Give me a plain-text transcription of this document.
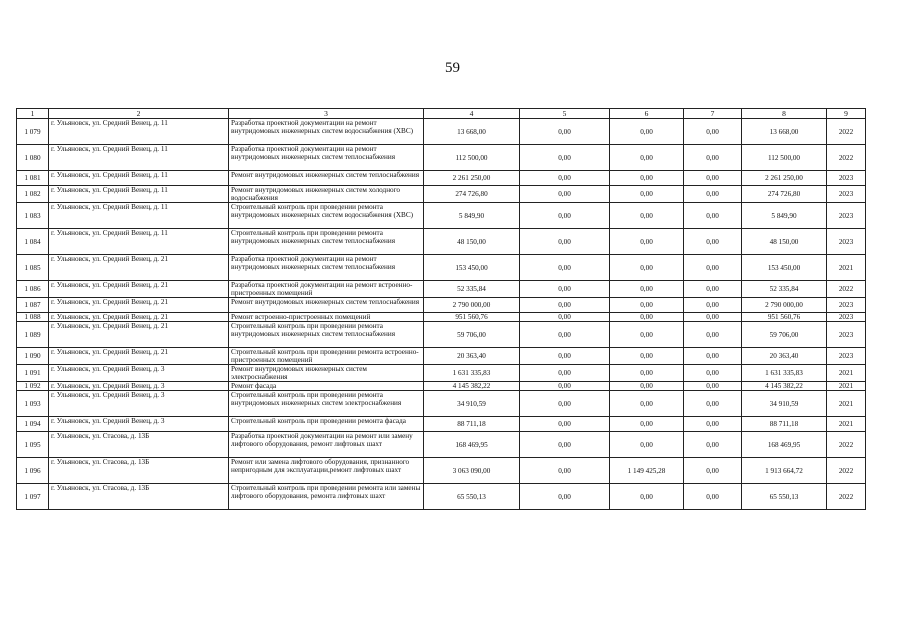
59
1	2	3	4	5	6	7	8	9
1 079	г. Ульяновск, ул. Средний Венец, д. 11	Разработка проектной документации на ремонт внутридомовых инженерных систем водоснабжения (ХВС)	13 668,00	0,00	0,00	0,00	13 668,00	2022
1 080	г. Ульяновск, ул. Средний Венец, д. 11	Разработка проектной документации на ремонт внутридомовых инженерных систем теплоснабжения	112 500,00	0,00	0,00	0,00	112 500,00	2022
1 081	г. Ульяновск, ул. Средний Венец, д. 11	Ремонт внутридомовых инженерных систем теплоснабжения	2 261 250,00	0,00	0,00	0,00	2 261 250,00	2023
1 082	г. Ульяновск, ул. Средний Венец, д. 11	Ремонт внутридомовых инженерных систем холодного водоснабжения	274 726,80	0,00	0,00	0,00	274 726,80	2023
1 083	г. Ульяновск, ул. Средний Венец, д. 11	Строительный контроль при проведении ремонта внутридомовых инженерных систем водоснабжения (ХВС)	5 849,90	0,00	0,00	0,00	5 849,90	2023
1 084	г. Ульяновск, ул. Средний Венец, д. 11	Строительный контроль при проведении ремонта внутридомовых инженерных систем теплоснабжения	48 150,00	0,00	0,00	0,00	48 150,00	2023
1 085	г. Ульяновск, ул. Средний Венец, д. 21	Разработка проектной документации на ремонт внутридомовых инженерных систем теплоснабжения	153 450,00	0,00	0,00	0,00	153 450,00	2021
1 086	г. Ульяновск, ул. Средний Венец, д. 21	Разработка проектной документации на ремонт встроенно-пристроенных помещений	52 335,84	0,00	0,00	0,00	52 335,84	2022
1 087	г. Ульяновск, ул. Средний Венец, д. 21	Ремонт внутридомовых инженерных систем теплоснабжения	2 790 000,00	0,00	0,00	0,00	2 790 000,00	2023
1 088	г. Ульяновск, ул. Средний Венец, д. 21	Ремонт встроенно-пристроенных помещений	951 560,76	0,00	0,00	0,00	951 560,76	2023
1 089	г. Ульяновск, ул. Средний Венец, д. 21	Строительный контроль при проведении ремонта внутридомовых инженерных систем теплоснабжения	59 706,00	0,00	0,00	0,00	59 706,00	2023
1 090	г. Ульяновск, ул. Средний Венец, д. 21	Строительный контроль при проведении ремонта встроенно-пристроенных помещений	20 363,40	0,00	0,00	0,00	20 363,40	2023
1 091	г. Ульяновск, ул. Средний Венец, д. 3	Ремонт внутридомовых инженерных систем электроснабжения	1 631 335,83	0,00	0,00	0,00	1 631 335,83	2021
1 092	г. Ульяновск, ул. Средний Венец, д. 3	Ремонт фасада	4 145 382,22	0,00	0,00	0,00	4 145 382,22	2021
1 093	г. Ульяновск, ул. Средний Венец, д. 3	Строительный контроль при проведении ремонта внутридомовых инженерных систем электроснабжения	34 910,59	0,00	0,00	0,00	34 910,59	2021
1 094	г. Ульяновск, ул. Средний Венец, д. 3	Строительный контроль при проведении ремонта фасада	88 711,18	0,00	0,00	0,00	88 711,18	2021
1 095	г. Ульяновск, ул. Стасова, д. 13Б	Разработка проектной документации на ремонт или замену лифтового оборудования, ремонт лифтовых шахт	168 469,95	0,00	0,00	0,00	168 469,95	2022
1 096	г. Ульяновск, ул. Стасова, д. 13Б	Ремонт или замена лифтового оборудования, признанного непригодным для эксплуатации,ремонт лифтовых шахт	3 063 090,00	0,00	1 149 425,28	0,00	1 913 664,72	2022
1 097	г. Ульяновск, ул. Стасова, д. 13Б	Строительный контроль при проведении ремонта или замены лифтового оборудования, ремонта лифтовых шахт	65 550,13	0,00	0,00	0,00	65 550,13	2022
